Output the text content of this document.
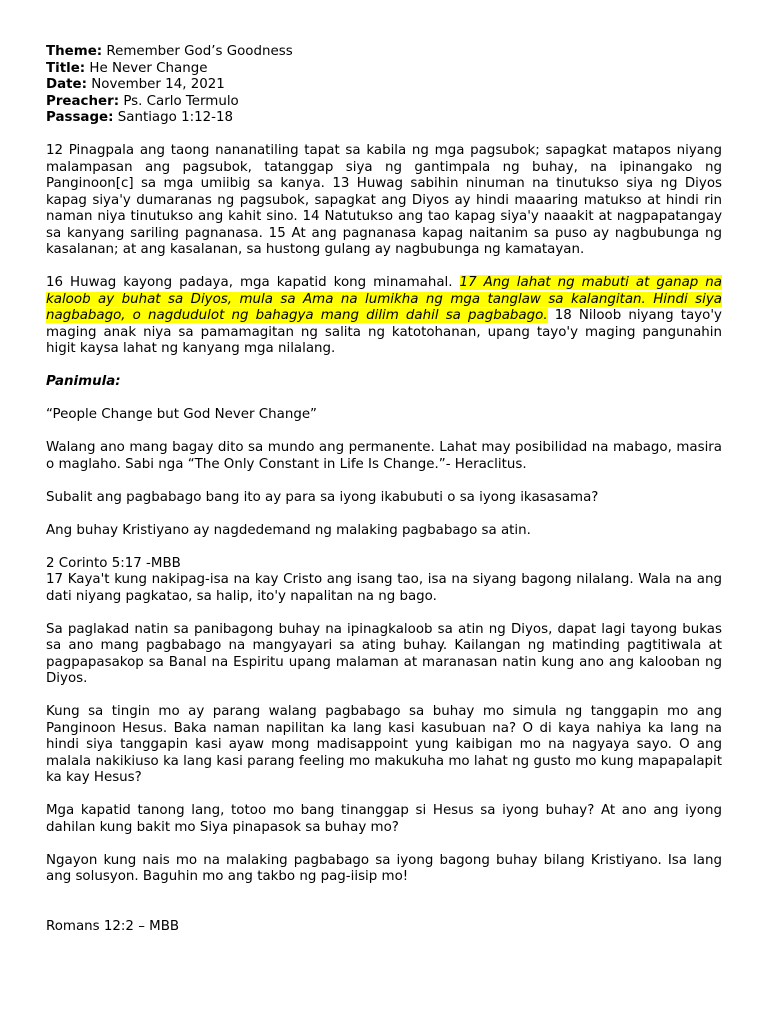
Theme: Remember God’s Goodness

Title: He Never Change

Date: November 14, 2021

Preacher: Ps. Carlo Termulo

Passage: Santiago 1:12-18

12 Pinagpala ang taong nananatiling tapat sa kabila ng mga pagsubok; sapagkat matapos niyang malampasan ang pagsubok, tatanggap siya ng gantimpala ng buhay, na ipinangako ng Panginoon[c] sa mga umiibig sa kanya. 13 Huwag sabihin ninuman na tinutukso siya ng Diyos kapag siya'y dumaranas ng pagsubok, sapagkat ang Diyos ay hindi maaaring matukso at hindi rin naman niya tinutukso ang kahit sino. 14 Natutukso ang tao kapag siya'y naaakit at nagpapatangay sa kanyang sariling pagnanasa. 15 At ang pagnanasa kapag naitanim sa puso ay nagbubunga ng kasalanan; at ang kasalanan, sa hustong gulang ay nagbubunga ng kamatayan.

16 Huwag kayong padaya, mga kapatid kong minamahal. 17 Ang lahat ng mabuti at ganap na kaloob ay buhat sa Diyos, mula sa Ama na lumikha ng mga tanglaw sa kalangitan. Hindi siya nagbabago, o nagdudulot ng bahagya mang dilim dahil sa pagbabago. 18 Niloob niyang tayo'y maging anak niya sa pamamagitan ng salita ng katotohanan, upang tayo'y maging pangunahin higit kaysa lahat ng kanyang mga nilalang.

Panimula:

“People Change but God Never Change”

Walang ano mang bagay dito sa mundo ang permanente. Lahat may posibilidad na mabago, masira o maglaho. Sabi nga “The Only Constant in Life Is Change.”- Heraclitus.

Subalit ang pagbabago bang ito ay para sa iyong ikabubuti o sa iyong ikasasama?

Ang buhay Kristiyano ay nagdedemand ng malaking pagbabago sa atin.

2 Corinto 5:17 -MBB

17 Kaya't kung nakipag-isa na kay Cristo ang isang tao, isa na siyang bagong nilalang. Wala na ang dati niyang pagkatao, sa halip, ito'y napalitan na ng bago.

Sa paglakad natin sa panibagong buhay na ipinagkaloob sa atin ng Diyos, dapat lagi tayong bukas sa ano mang pagbabago na mangyayari sa ating buhay. Kailangan ng matinding pagtitiwala at pagpapasakop sa Banal na Espiritu upang malaman at maranasan natin kung ano ang kalooban ng Diyos.

Kung sa tingin mo ay parang walang pagbabago sa buhay mo simula ng tanggapin mo ang Panginoon Hesus. Baka naman napilitan ka lang kasi kasubuan na? O di kaya nahiya ka lang na hindi siya tanggapin kasi ayaw mong madisappoint yung kaibigan mo na nagyaya sayo. O ang malala nakikiuso ka lang kasi parang feeling mo makukuha mo lahat ng gusto mo kung mapapalapit ka kay Hesus?

Mga kapatid tanong lang, totoo mo bang tinanggap si Hesus sa iyong buhay? At ano ang iyong dahilan kung bakit mo Siya pinapasok sa buhay mo?

Ngayon kung nais mo na malaking pagbabago sa iyong bagong buhay bilang Kristiyano. Isa lang ang solusyon. Baguhin mo ang takbo ng pag-iisip mo!

Romans 12:2 – MBB
